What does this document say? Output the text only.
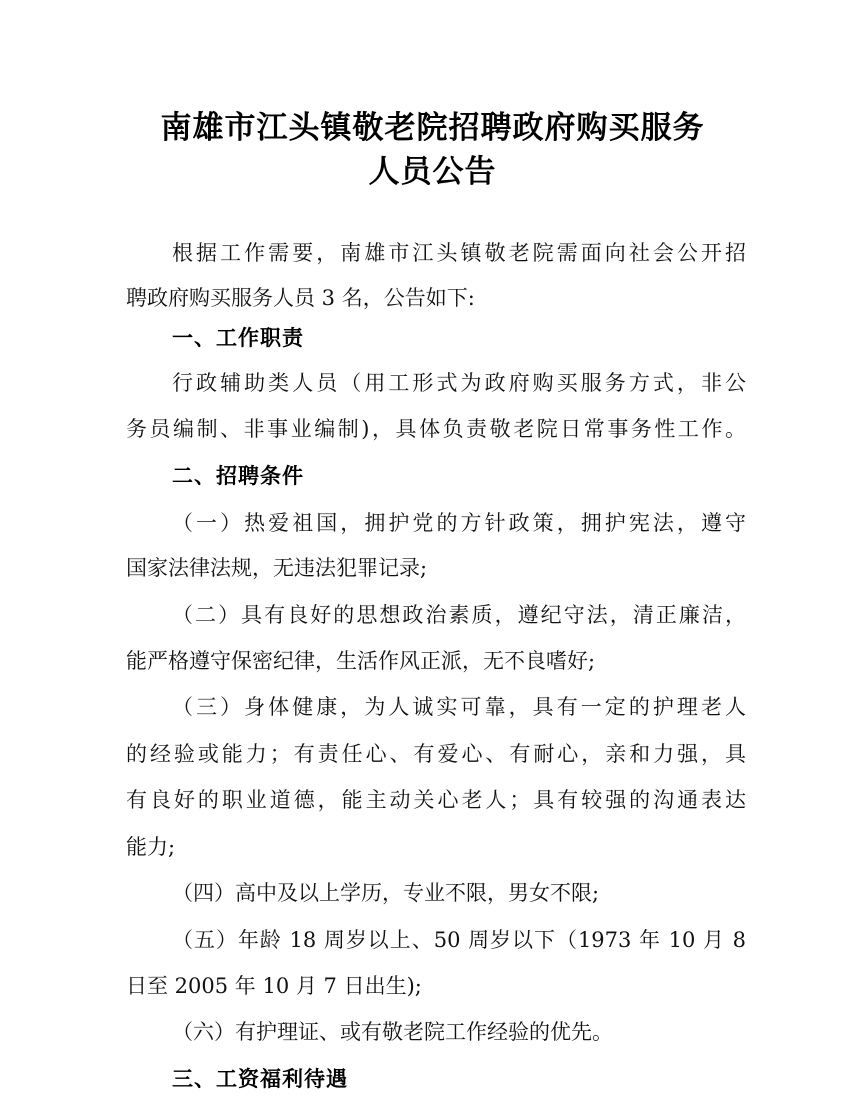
南雄市江头镇敬老院招聘政府购买服务
人员公告
根据工作需要，南雄市江头镇敬老院需面向社会公开招
聘政府购买服务人员 3 名，公告如下:
一、工作职责
行政辅助类人员（用工形式为政府购买服务方式，非公
务员编制、非事业编制)，具体负责敬老院日常事务性工作。
二、招聘条件
（一）热爱祖国，拥护党的方针政策，拥护宪法，遵守
国家法律法规，无违法犯罪记录;
（二）具有良好的思想政治素质，遵纪守法，清正廉洁，
能严格遵守保密纪律，生活作风正派，无不良嗜好;
（三）身体健康，为人诚实可靠，具有一定的护理老人
的经验或能力；有责任心、有爱心、有耐心，亲和力强，具
有良好的职业道德，能主动关心老人；具有较强的沟通表达
能力;
（四）高中及以上学历，专业不限，男女不限;
（五）年龄 18 周岁以上、50 周岁以下（1973 年 10 月 8
日至 2005 年 10 月 7 日出生);
（六）有护理证、或有敬老院工作经验的优先。
三、工资福利待遇
